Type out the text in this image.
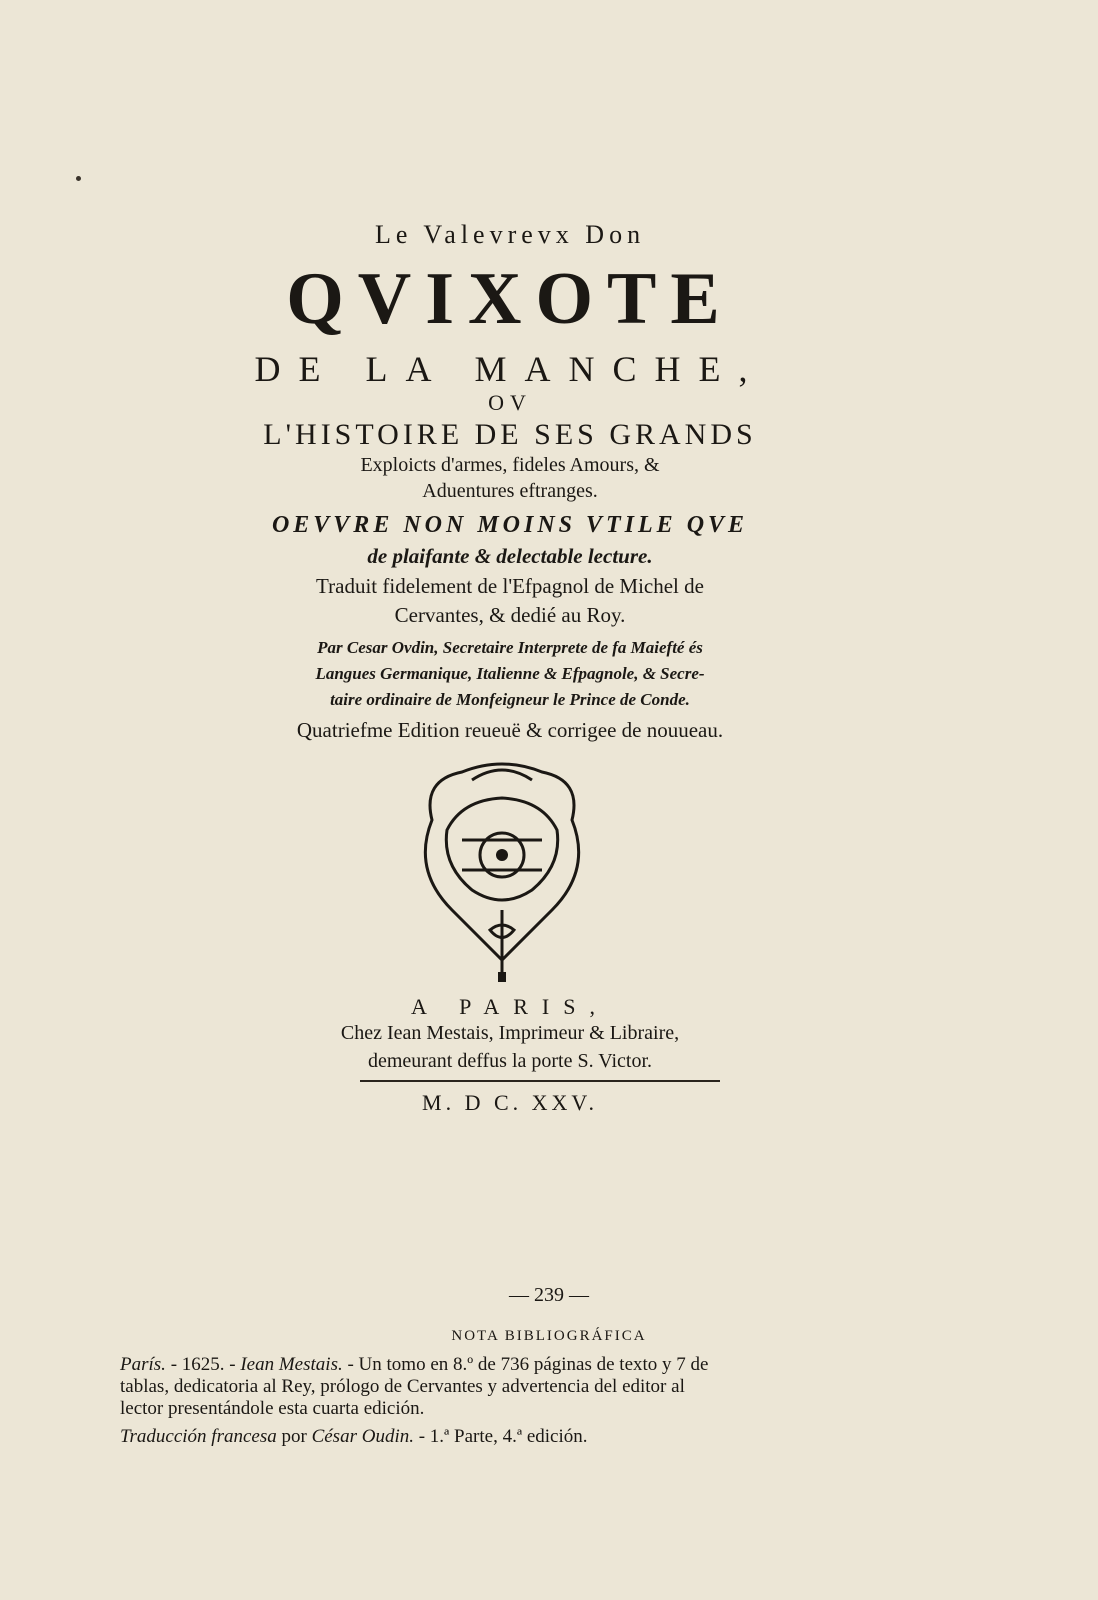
Le Valevrevx Don
QVIXOTE
DE LA MANCHE,
OV
L'HISTOIRE DE SES GRANDS
Exploicts d'armes, fideles Amours, &
Aduentures eftranges.
OEVVRE NON MOINS VTILE QVE
de plaifante & delectable lecture.
Traduit fidelement de l'Efpagnol de Michel de
Cervantes, & dedié au Roy.
Par Cesar Ovdin, Secretaire Interprete de fa Maiefté és
Langues Germanique, Italienne & Efpagnole, & Secre-
taire ordinaire de Monfeigneur le Prince de Conde.
Quatriefme Edition reueuë & corrigee de nouueau.
A PARIS,
Chez Iean Mestais, Imprimeur & Libraire,
demeurant deffus la porte S. Victor.
M. D C. XXV.
— 239 —
NOTA BIBLIOGRÁFICA
París. - 1625. - Iean Mestais. - Un tomo en 8.º de 736 páginas de texto y 7 de
tablas, dedicatoria al Rey, prólogo de Cervantes y advertencia del editor al
lector presentándole esta cuarta edición.
Traducción francesa por César Oudin. - 1.ª Parte, 4.ª edición.
